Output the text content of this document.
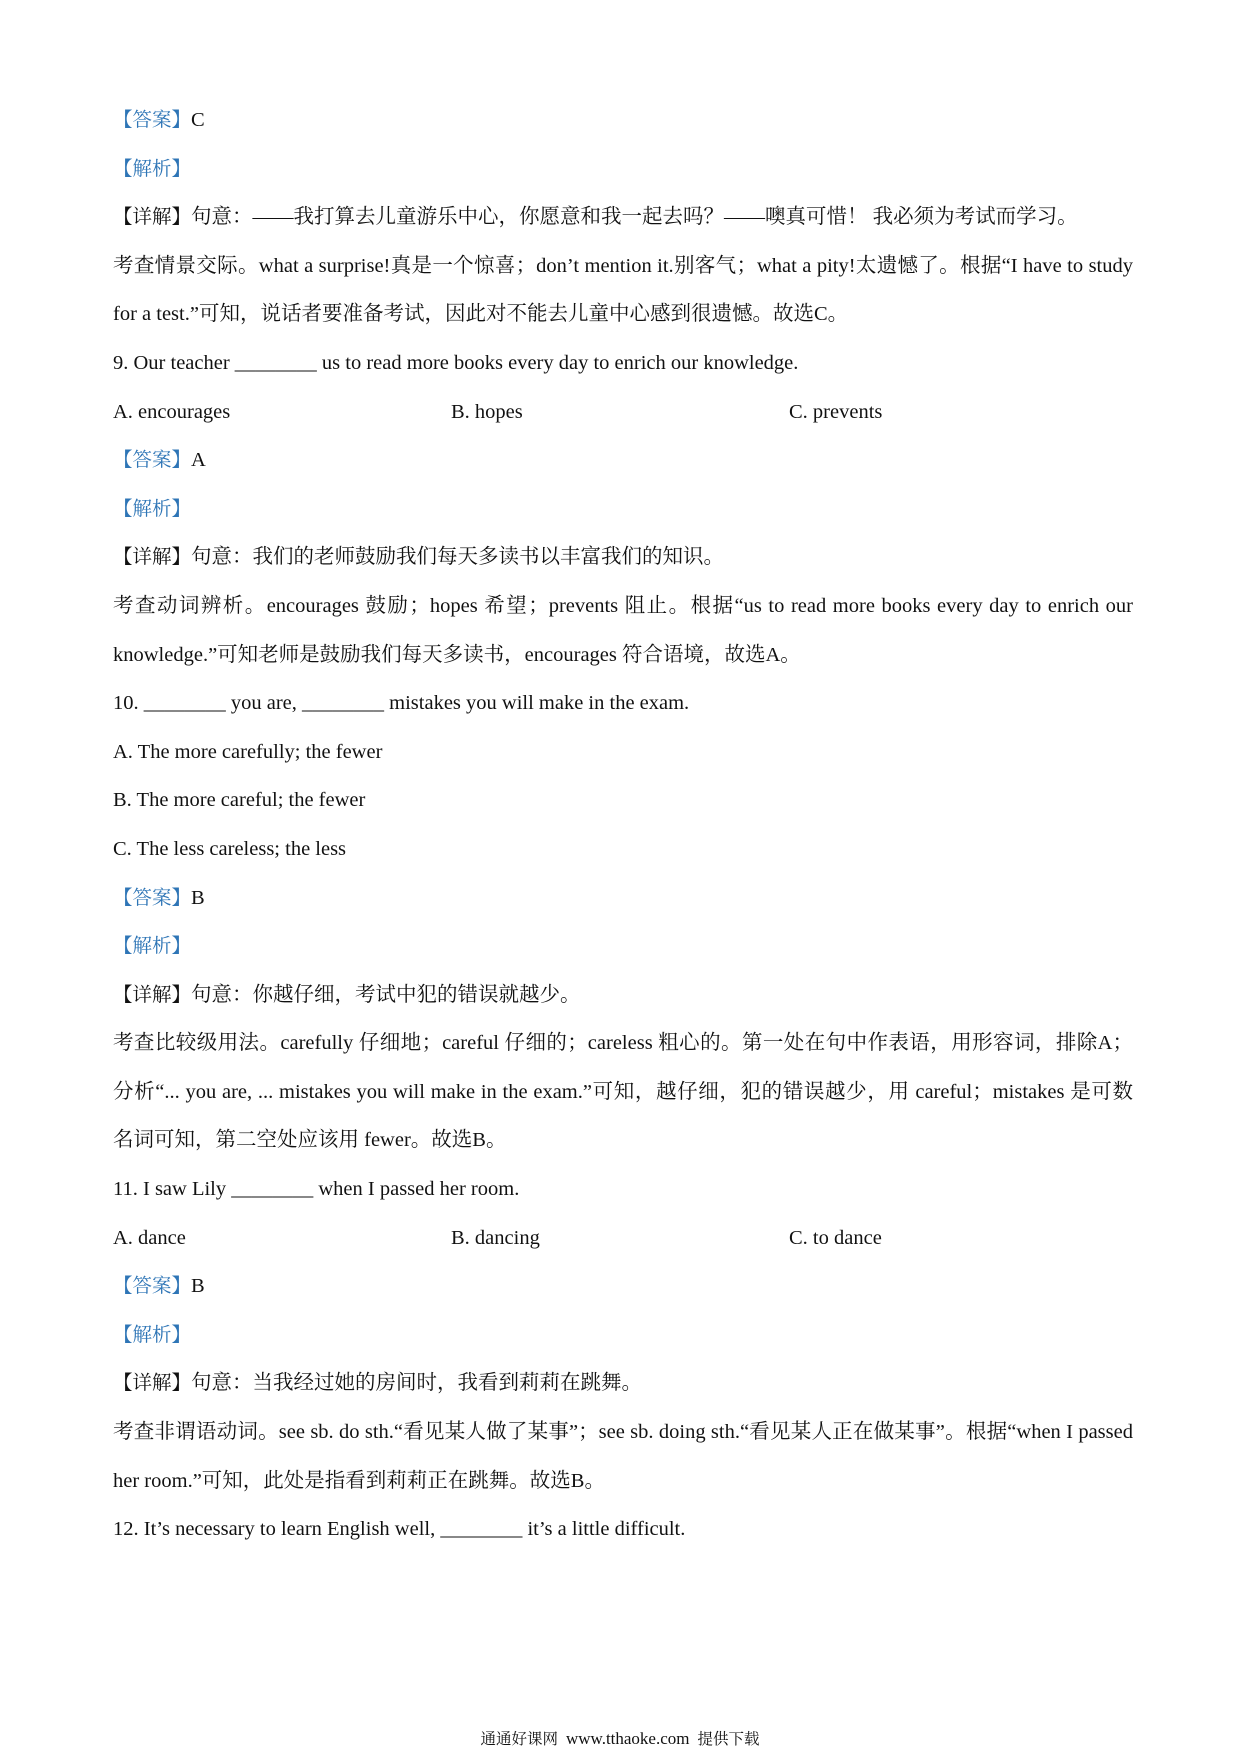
【答案】C
【解析】
【详解】句意：——我打算去儿童游乐中心，你愿意和我一起去吗？——噢真可惜！ 我必须为考试而学习。
考查情景交际。what a surprise!真是一个惊喜；don’t mention it.别客气；what a pity!太遗憾了。根据“I have to study for a test.”可知，说话者要准备考试，因此对不能去儿童中心感到很遗憾。故选C。
9. Our teacher ________ us to read more books every day to enrich our knowledge.
A. encourages	B. hopes	C. prevents
【答案】A
【解析】
【详解】句意：我们的老师鼓励我们每天多读书以丰富我们的知识。
考查动词辨析。encourages 鼓励；hopes 希望；prevents 阻止。根据“us to read more books every day to enrich our knowledge.”可知老师是鼓励我们每天多读书，encourages 符合语境，故选A。
10. ________ you are, ________ mistakes you will make in the exam.
A. The more carefully; the fewer
B. The more careful; the fewer
C. The less careless; the less
【答案】B
【解析】
【详解】句意：你越仔细，考试中犯的错误就越少。
考查比较级用法。carefully 仔细地；careful 仔细的；careless 粗心的。第一处在句中作表语，用形容词，排除A；分析“... you are, ... mistakes you will make in the exam.”可知，越仔细，犯的错误越少，用 careful；mistakes 是可数名词可知，第二空处应该用 fewer。故选B。
11. I saw Lily ________ when I passed her room.
A. dance	B. dancing	C. to dance
【答案】B
【解析】
【详解】句意：当我经过她的房间时，我看到莉莉在跳舞。
考查非谓语动词。see sb. do sth.“看见某人做了某事”；see sb. doing sth.“看见某人正在做某事”。根据“when I passed her room.”可知，此处是指看到莉莉正在跳舞。故选B。
12. It’s necessary to learn English well, ________ it’s a little difficult.
通通好课网 www.tthaoke.com 提供下载
